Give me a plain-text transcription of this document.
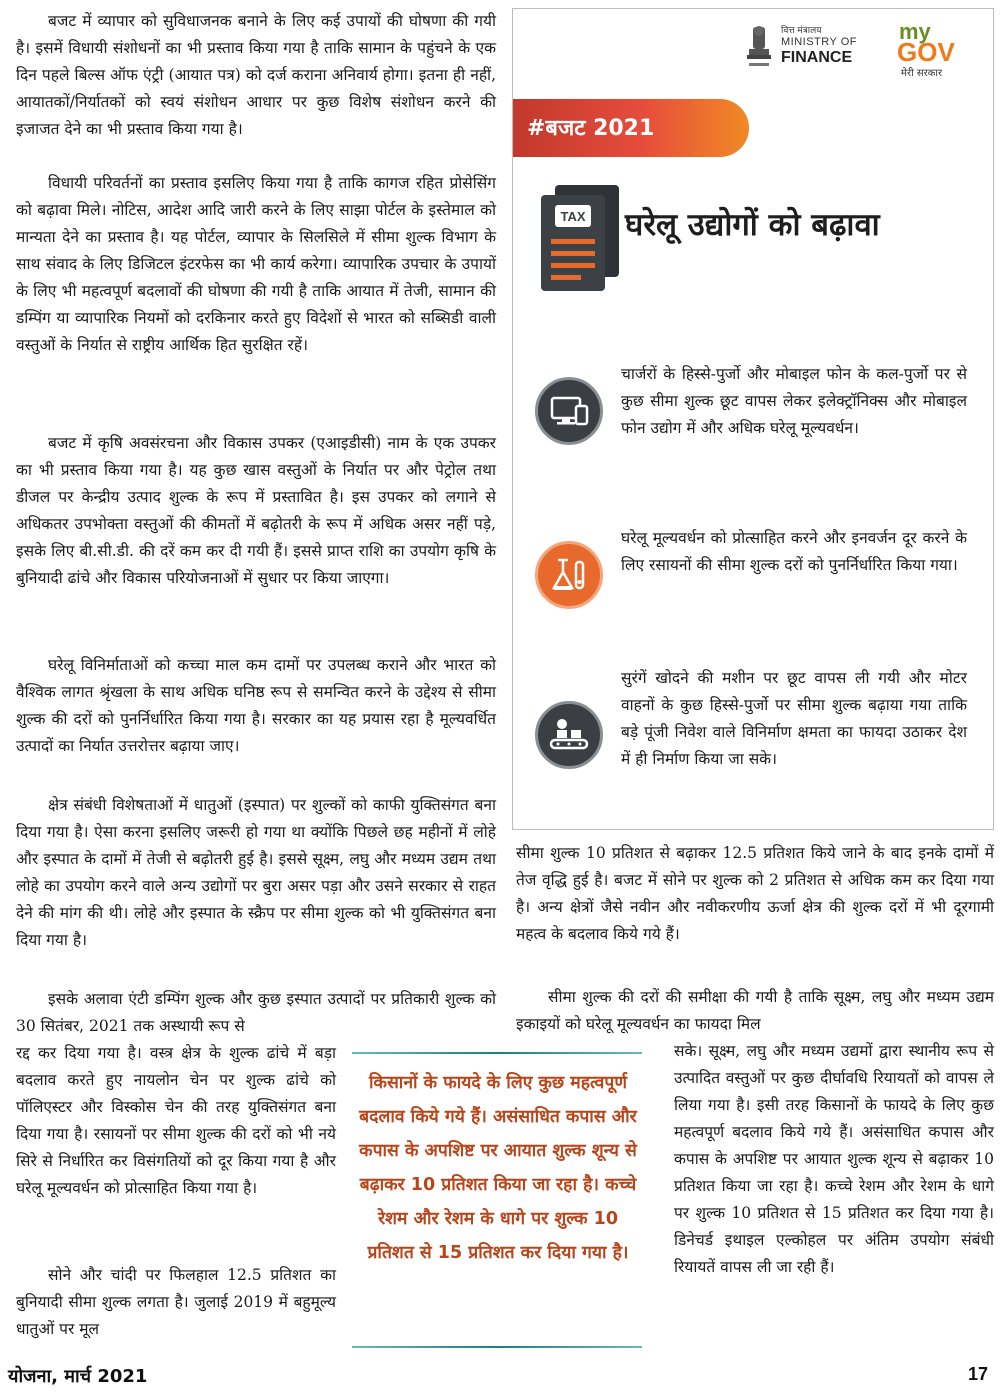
बजट में व्यापार को सुविधाजनक बनाने के लिए कई उपायों की घोषणा की गयी है। इसमें विधायी संशोधनों का भी प्रस्ताव किया गया है ताकि सामान के पहुंचने के एक दिन पहले बिल्स ऑफ एंट्री (आयात पत्र) को दर्ज कराना अनिवार्य होगा। इतना ही नहीं, आयातकों/निर्यातकों को स्वयं संशोधन आधार पर कुछ विशेष संशोधन करने की इजाजत देने का भी प्रस्ताव किया गया है।

विधायी परिवर्तनों का प्रस्ताव इसलिए किया गया है ताकि कागज रहित प्रोसेसिंग को बढ़ावा मिले। नोटिस, आदेश आदि जारी करने के लिए साझा पोर्टल के इस्तेमाल को मान्यता देने का प्रस्ताव है। यह पोर्टल, व्यापार के सिलसिले में सीमा शुल्क विभाग के साथ संवाद के लिए डिजिटल इंटरफेस का भी कार्य करेगा। व्यापारिक उपचार के उपायों के लिए भी महत्वपूर्ण बदलावों की घोषणा की गयी है ताकि आयात में तेजी, सामान की डम्पिंग या व्यापारिक नियमों को दरकिनार करते हुए विदेशों से भारत को सब्सिडी वाली वस्तुओं के निर्यात से राष्ट्रीय आर्थिक हित सुरक्षित रहें।

बजट में कृषि अवसंरचना और विकास उपकर (एआइडीसी) नाम के एक उपकर का भी प्रस्ताव किया गया है। यह कुछ खास वस्तुओं के निर्यात पर और पेट्रोल तथा डीजल पर केन्द्रीय उत्पाद शुल्क के रूप में प्रस्तावित है। इस उपकर को लगाने से अधिकतर उपभोक्ता वस्तुओं की कीमतों में बढ़ोतरी के रूप में अधिक असर नहीं पड़े, इसके लिए बी.सी.डी. की दरें कम कर दी गयी हैं। इससे प्राप्त राशि का उपयोग कृषि के बुनियादी ढांचे और विकास परियोजनाओं में सुधार पर किया जाएगा।

घरेलू विनिर्माताओं को कच्चा माल कम दामों पर उपलब्ध कराने और भारत को वैश्विक लागत श्रृंखला के साथ अधिक घनिष्ठ रूप से समन्वित करने के उद्देश्य से सीमा शुल्क की दरों को पुनर्निर्धारित किया गया है। सरकार का यह प्रयास रहा है मूल्यवर्धित उत्पादों का निर्यात उत्तरोत्तर बढ़ाया जाए।

क्षेत्र संबंधी विशेषताओं में धातुओं (इस्पात) पर शुल्कों को काफी युक्तिसंगत बना दिया गया है। ऐसा करना इसलिए जरूरी हो गया था क्योंकि पिछले छह महीनों में लोहे और इस्पात के दामों में तेजी से बढ़ोतरी हुई है। इससे सूक्ष्म, लघु और मध्यम उद्यम तथा लोहे का उपयोग करने वाले अन्य उद्योगों पर बुरा असर पड़ा और उसने सरकार से राहत देने की मांग की थी। लोहे और इस्पात के स्क्रैप पर सीमा शुल्क को भी युक्तिसंगत बना दिया गया है।

इसके अलावा एंटी डम्पिंग शुल्क और कुछ इस्पात उत्पादों पर प्रतिकारी शुल्क को 30 सितंबर, 2021 तक अस्थायी रूप से

रद्द कर दिया गया है। वस्त्र क्षेत्र के शुल्क ढांचे में बड़ा बदलाव करते हुए नायलोन चेन पर शुल्क ढांचे को पॉलिएस्टर और विस्कोस चेन की तरह युक्तिसंगत बना दिया गया है। रसायनों पर सीमा शुल्क की दरों को भी नये सिरे से निर्धारित कर विसंगतियों को दूर किया गया है और घरेलू मूल्यवर्धन को प्रोत्साहित किया गया है।

सोने और चांदी पर फिलहाल 12.5 प्रतिशत का बुनियादी सीमा शुल्क लगता है। जुलाई 2019 में बहुमूल्य धातुओं पर मूल

वित्त मंत्रालय
MINISTRY OF
FINANCE
my
GOV
मेरी सरकार
#बजट 2021
TAX घरेलू उद्योगों को बढ़ावा

चार्जरों के हिस्से-पुर्जो और मोबाइल फोन के कल-पुर्जो पर से कुछ सीमा शुल्क छूट वापस लेकर इलेक्ट्रॉनिक्स और मोबाइल फोन उद्योग में और अधिक घरेलू मूल्यवर्धन।

घरेलू मूल्यवर्धन को प्रोत्साहित करने और इनवर्जन दूर करने के लिए रसायनों की सीमा शुल्क दरों को पुनर्निर्धारित किया गया।

सुरंगें खोदने की मशीन पर छूट वापस ली गयी और मोटर वाहनों के कुछ हिस्से-पुर्जो पर सीमा शुल्क बढ़ाया गया ताकि बड़े पूंजी निवेश वाले विनिर्माण क्षमता का फायदा उठाकर देश में ही निर्माण किया जा सके।

सीमा शुल्क 10 प्रतिशत से बढ़ाकर 12.5 प्रतिशत किये जाने के बाद इनके दामों में तेज वृद्धि हुई है। बजट में सोने पर शुल्क को 2 प्रतिशत से अधिक कम कर दिया गया है। अन्य क्षेत्रों जैसे नवीन और नवीकरणीय ऊर्जा क्षेत्र की शुल्क दरों में भी दूरगामी महत्व के बदलाव किये गये हैं।

सीमा शुल्क की दरों की समीक्षा की गयी है ताकि सूक्ष्म, लघु और मध्यम उद्यम इकाइयों को घरेलू मूल्यवर्धन का फायदा मिल

सके। सूक्ष्म, लघु और मध्यम उद्यमों द्वारा स्थानीय रूप से उत्पादित वस्तुओं पर कुछ दीर्घावधि रियायतों को वापस ले लिया गया है। इसी तरह किसानों के फायदे के लिए कुछ महत्वपूर्ण बदलाव किये गये हैं। असंसाधित कपास और कपास के अपशिष्ट पर आयात शुल्क शून्य से बढ़ाकर 10 प्रतिशत किया जा रहा है। कच्चे रेशम और रेशम के धागे पर शुल्क 10 प्रतिशत से 15 प्रतिशत कर दिया गया है। डिनेचर्ड इथाइल एल्कोहल पर अंतिम उपयोग संबंधी रियायतें वापस ली जा रही हैं।

किसानों के फायदे के लिए कुछ महत्वपूर्ण बदलाव किये गये हैं। असंसाधित कपास और कपास के अपशिष्ट पर आयात शुल्क शून्य से बढ़ाकर 10 प्रतिशत किया जा रहा है। कच्चे रेशम और रेशम के धागे पर शुल्क 10 प्रतिशत से 15 प्रतिशत कर दिया गया है।

योजना, मार्च 2021	17
